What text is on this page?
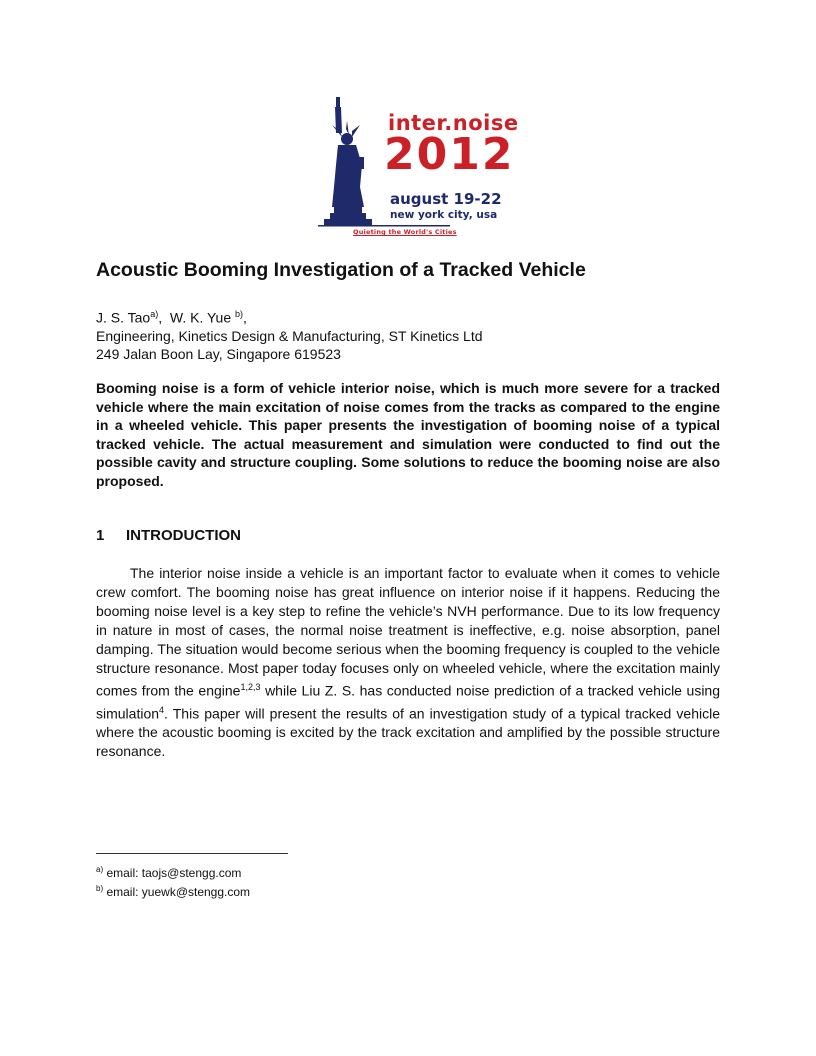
inter.noise
2012
august 19-22
new york city, usa
Quieting the World's Cities
Acoustic Booming Investigation of a Tracked Vehicle
J. S. Tao$^{a)}$,  W. K. Yue $^{b)}$,
Engineering, Kinetics Design & Manufacturing, ST Kinetics Ltd
249 Jalan Boon Lay, Singapore 619523

Booming noise is a form of vehicle interior noise, which is much more severe for a tracked vehicle where the main excitation of noise comes from the tracks as compared to the engine in a wheeled vehicle. This paper presents the investigation of booming noise of a typical tracked vehicle. The actual measurement and simulation were conducted to find out the possible cavity and structure coupling. Some solutions to reduce the booming noise are also proposed.

1 INTRODUCTION

The interior noise inside a vehicle is an important factor to evaluate when it comes to vehicle crew comfort. The booming noise has great influence on interior noise if it happens. Reducing the booming noise level is a key step to refine the vehicle’s NVH performance. Due to its low frequency in nature in most of cases, the normal noise treatment is ineffective, e.g. noise absorption, panel damping. The situation would become serious when the booming frequency is coupled to the vehicle structure resonance. Most paper today focuses only on wheeled vehicle, where the excitation mainly comes from the engine$^{1,2,3}$ while Liu Z. S. has conducted noise prediction of a tracked vehicle using simulation$^4$. This paper will present the results of an investigation study of a typical tracked vehicle where the acoustic booming is excited by the track excitation and amplified by the possible structure resonance.

$^{a)}$ email: taojs@stengg.com
$^{b)}$ email: yuewk@stengg.com
